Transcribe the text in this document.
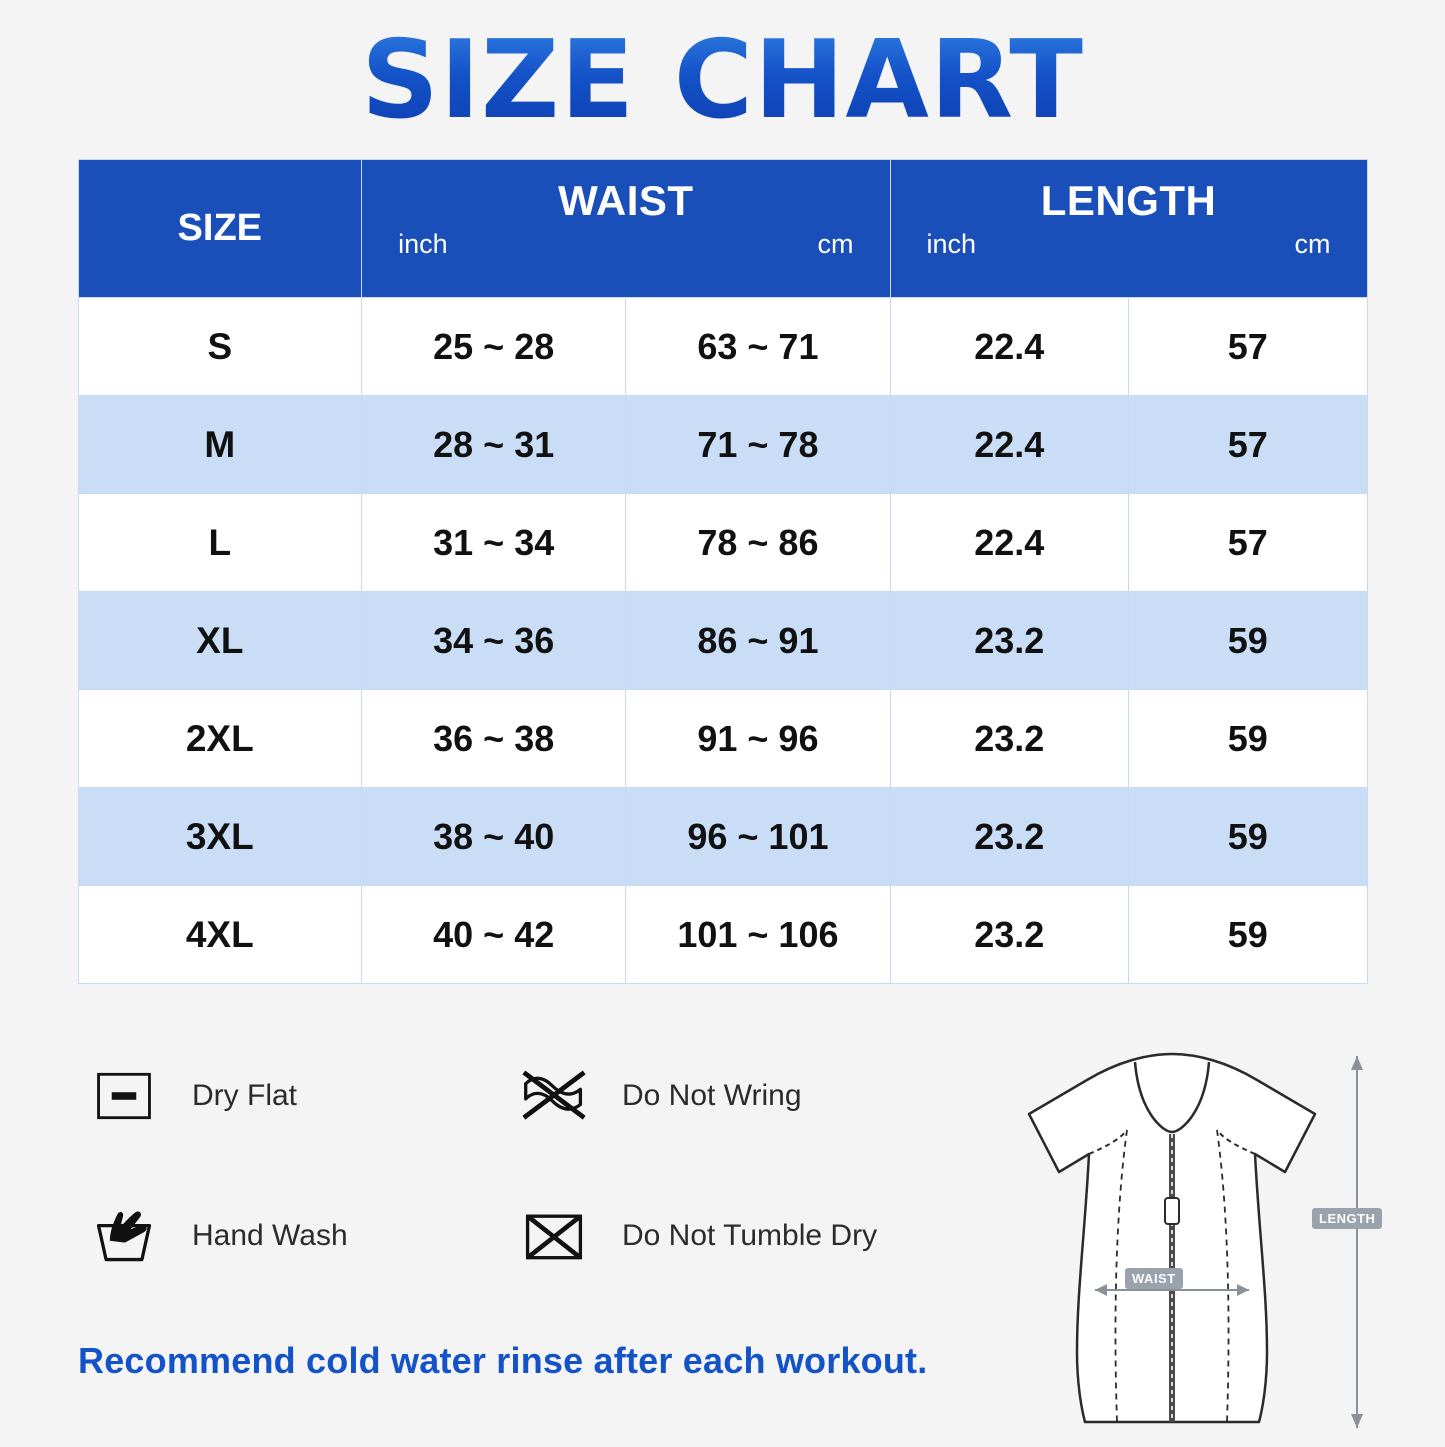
SIZE CHART
SIZE	
WAIST
inch	cm

LENGTH
inch	cm

S	25 ~ 28	63 ~ 71	22.4	57
M	28 ~ 31	71 ~ 78	22.4	57
L	31 ~ 34	78 ~ 86	22.4	57
XL	34 ~ 36	86 ~ 91	23.2	59
2XL	36 ~ 38	91 ~ 96	23.2	59
3XL	38 ~ 40	96 ~ 101	23.2	59
4XL	40 ~ 42	101 ~ 106	23.2	59
Dry Flat	Do Not Wring
Hand Wash	Do Not Tumble Dry
Recommend cold water rinse after each workout.
WAIST
LENGTH
